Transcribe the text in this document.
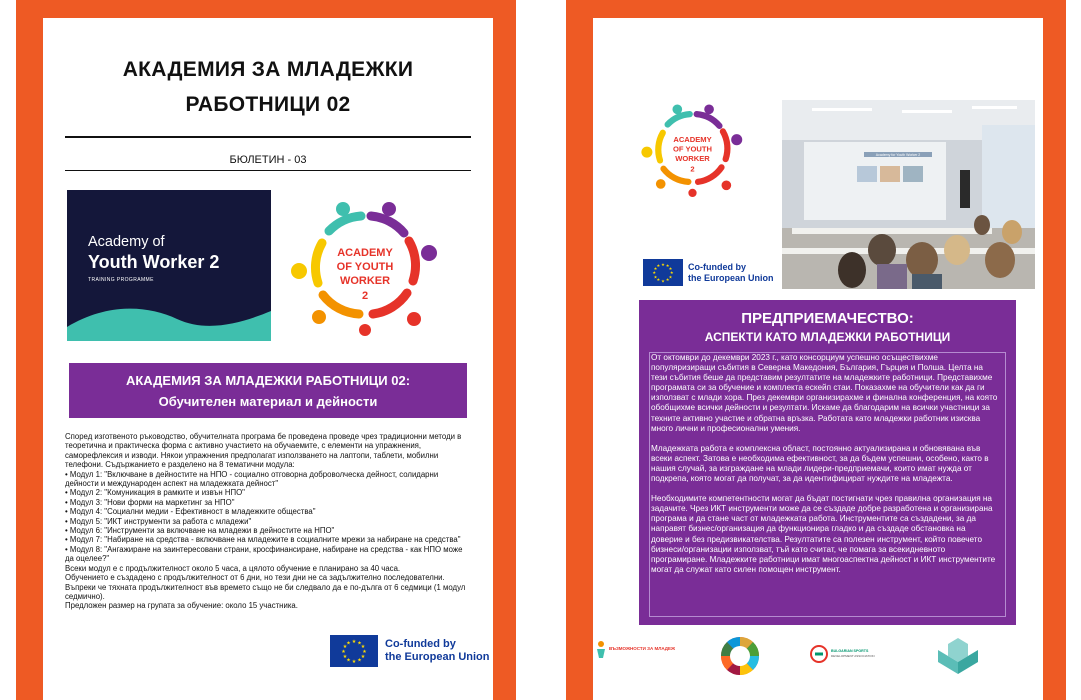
АКАДЕМИЯ ЗА МЛАДЕЖКИ
РАБОТНИЦИ 02
БЮЛЕТИН - 03
Academy of
Youth Worker 2
TRAINING PROGRAMME
ACADEMY
OF YOUTH
WORKER
2
АКАДЕМИЯ ЗА МЛАДЕЖКИ РАБОТНИЦИ 02:
Обучителен материал и дейности

Според изготвеното ръководство, обучителната програма бе проведена проведе чрез традиционни методи в теоретична и практическа форма с активно участието на обучаемите, с елементи на упражнения, саморефлексия и изводи. Някои упражнения предполагат използването на лаптопи, таблети, мобилни телефони. Съдържанието е разделено на 8 тематични модула:

• Модул 1: "Включване в дейностите на НПО - социално отговорна доброволческа дейност, солидарни дейности и международен аспект на младежката дейност"

• Модул 2: "Комуникация в рамките и извън НПО"

• Модул 3: "Нови форми на маркетинг за НПО"

• Модул 4: "Социални медии - Ефективност в младежките общества"

• Модул 5: "ИКТ инструменти за работа с младежи"

• Модул 6: "Инструменти за включване на младежи в дейностите на НПО"

• Модул 7: "Набиране на средства - включване на младежите в социалните мрежи за набиране на средства"

• Модул 8: "Ангажиране на заинтересовани страни, кросфинансиране, набиране на средства - как НПО може да оцелее?"

Всеки модул е с продължителност около 5 часа, а цялото обучение е планирано за 40 часа.

Обучението е създадено с продължителност от 6 дни, но тези дни не са задължително последователни. Въпреки че тяхната продължителност във времето също не би следвало да е по-дълга от 6 седмици (1 модул седмично).

Предложен размер на групата за обучение: около 15 участника.

★ ★
★
★
★
★
★
★
★
★
★
★	Co-funded by
the European Union
ACADEMY
OF YOUTH
WORKER
2
Academy for Youth Worker 2
★ ★
★
★
★
★
★
★
★
★
★
★	Co-funded by
the European Union
ПРЕДПРИЕМАЧЕСТВО:
АСПЕКТИ КАТО МЛАДЕЖКИ РАБОТНИЦИ

От октомври до декември 2023 г., като консорциум успешно осъществихме популяризиращи събития в Северна Македония, България, Гърция и Полша. Целта на тези събития беше да представим резултатите на младежките работници. Представихме програмата си за обучение и комплекта ескейп стаи. Показахме на обучители как да ги използват с млади хора. През декември организирахме и финална конференция, на която обобщихме всички дейности и резултати. Искаме да благодарим на всички участници за техните активно участие и обратна връзка. Работата като младежки работник изисква много лични и професионални умения.

Младежката работа е комплексна област, постоянно актуализирана и обновявана във всеки аспект. Затова е необходима ефективност, за да бъдем успешни, особено, както в нашия случай, за изграждане на млади лидери-предприемачи, които имат нужда от подкрепа, която могат да получат, за да идентифицират нуждите на младежта.

Необходимите компетентности могат да бъдат постигнати чрез правилна организация на задачите. Чрез ИКТ инструменти може да се създаде добре разработена и организирана програма и да стане част от младежката работа. Инструментите са създадени, за да направят бизнес/организация да функционира гладко и да създаде обстановка на доверие и без предизвикателства. Резултатите са полезен инструмент, който повечето бизнеси/организации използват, тъй като считат, че помага за всекидневното програмиране. Младежките работници имат многоаспектна дейност и ИКТ инструментите могат да служат като силен помощен инструмент.

ВЪЗМОЖНОСТИ ЗА МЛАДЕЖ	BULGARIAN SPORTS
DEVELOPMENT ASSOCIATION
